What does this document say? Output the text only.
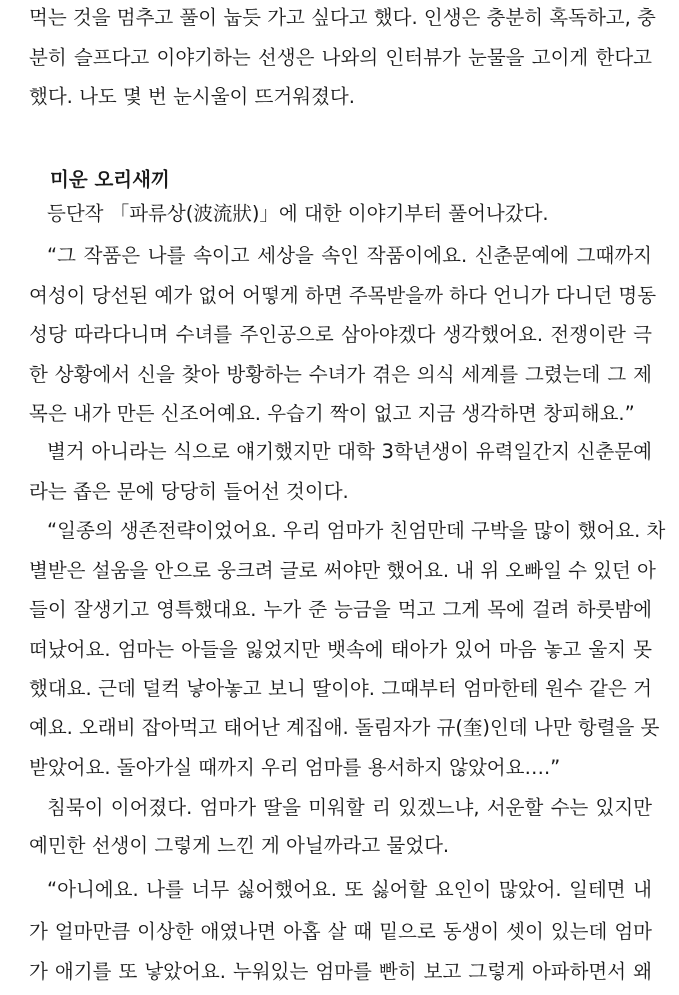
먹는 것을 멈추고 풀이 눕듯 가고 싶다고 했다. 인생은 충분히 혹독하고, 충
분히 슬프다고 이야기하는 선생은 나와의 인터뷰가 눈물을 고이게 한다고
했다. 나도 몇 번 눈시울이 뜨거워졌다.
미운 오리새끼
등단작 「파류상(波流狀)」에 대한 이야기부터 풀어나갔다.
“그 작품은 나를 속이고 세상을 속인 작품이에요. 신춘문예에 그때까지
여성이 당선된 예가 없어 어떻게 하면 주목받을까 하다 언니가 다니던 명동
성당 따라다니며 수녀를 주인공으로 삼아야겠다 생각했어요. 전쟁이란 극
한 상황에서 신을 찾아 방황하는 수녀가 겪은 의식 세계를 그렸는데 그 제
목은 내가 만든 신조어예요. 우습기 짝이 없고 지금 생각하면 창피해요.”
별거 아니라는 식으로 얘기했지만 대학 3학년생이 유력일간지 신춘문예
라는 좁은 문에 당당히 들어선 것이다.
“일종의 생존전략이었어요. 우리 엄마가 친엄만데 구박을 많이 했어요. 차
별받은 설움을 안으로 웅크려 글로 써야만 했어요. 내 위 오빠일 수 있던 아
들이 잘생기고 영특했대요. 누가 준 능금을 먹고 그게 목에 걸려 하룻밤에
떠났어요. 엄마는 아들을 잃었지만 뱃속에 태아가 있어 마음 놓고 울지 못
했대요. 근데 덜컥 낳아놓고 보니 딸이야. 그때부터 엄마한테 원수 같은 거
예요. 오래비 잡아먹고 태어난 계집애. 돌림자가 규(奎)인데 나만 항렬을 못
받았어요. 돌아가실 때까지 우리 엄마를 용서하지 않았어요….”
침묵이 이어졌다. 엄마가 딸을 미워할 리 있겠느냐, 서운할 수는 있지만
예민한 선생이 그렇게 느낀 게 아닐까라고 물었다.
“아니에요. 나를 너무 싫어했어요. 또 싫어할 요인이 많았어. 일테면 내
가 얼마만큼 이상한 애였나면 아홉 살 때 밑으로 동생이 셋이 있는데 엄마
가 애기를 또 낳았어요. 누워있는 엄마를 빤히 보고 그렇게 아파하면서 왜
